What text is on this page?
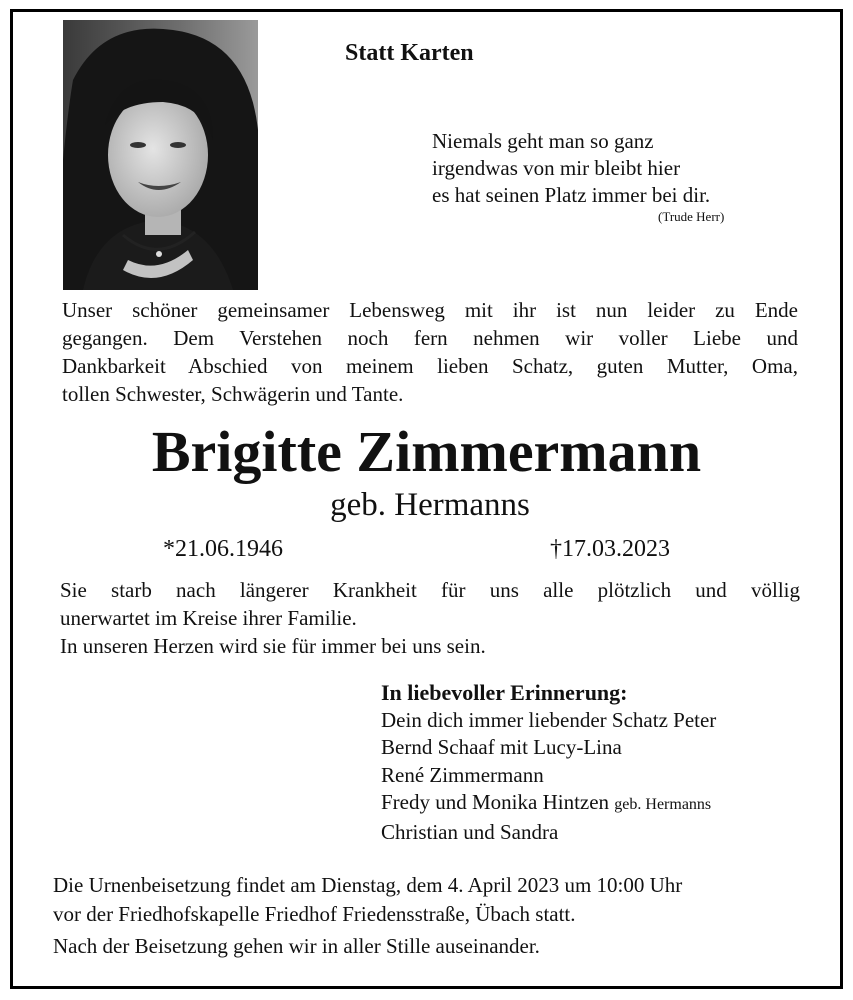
Statt Karten
Niemals geht man so ganz
irgendwas von mir bleibt hier
es hat seinen Platz immer bei dir.
(Trude Herr)
Unser schöner gemeinsamer Lebensweg mit ihr ist nun leider zu Ende
gegangen. Dem Verstehen noch fern nehmen wir voller Liebe und
Dankbarkeit Abschied von meinem lieben Schatz, guten Mutter, Oma,
tollen Schwester, Schwägerin und Tante.
Brigitte Zimmermann
geb. Hermanns
*21.06.1946	†17.03.2023
Sie starb nach längerer Krankheit für uns alle plötzlich und völlig
unerwartet im Kreise ihrer Familie.
In unseren Herzen wird sie für immer bei uns sein.
In liebevoller Erinnerung:
Dein dich immer liebender Schatz Peter
Bernd Schaaf mit Lucy-Lina
René Zimmermann
Fredy und Monika Hintzen geb. Hermanns
Christian und Sandra
Die Urnenbeisetzung findet am Dienstag, dem 4. April 2023 um 10:00 Uhr
vor der Friedhofskapelle Friedhof Friedensstraße, Übach statt.
Nach der Beisetzung gehen wir in aller Stille auseinander.
